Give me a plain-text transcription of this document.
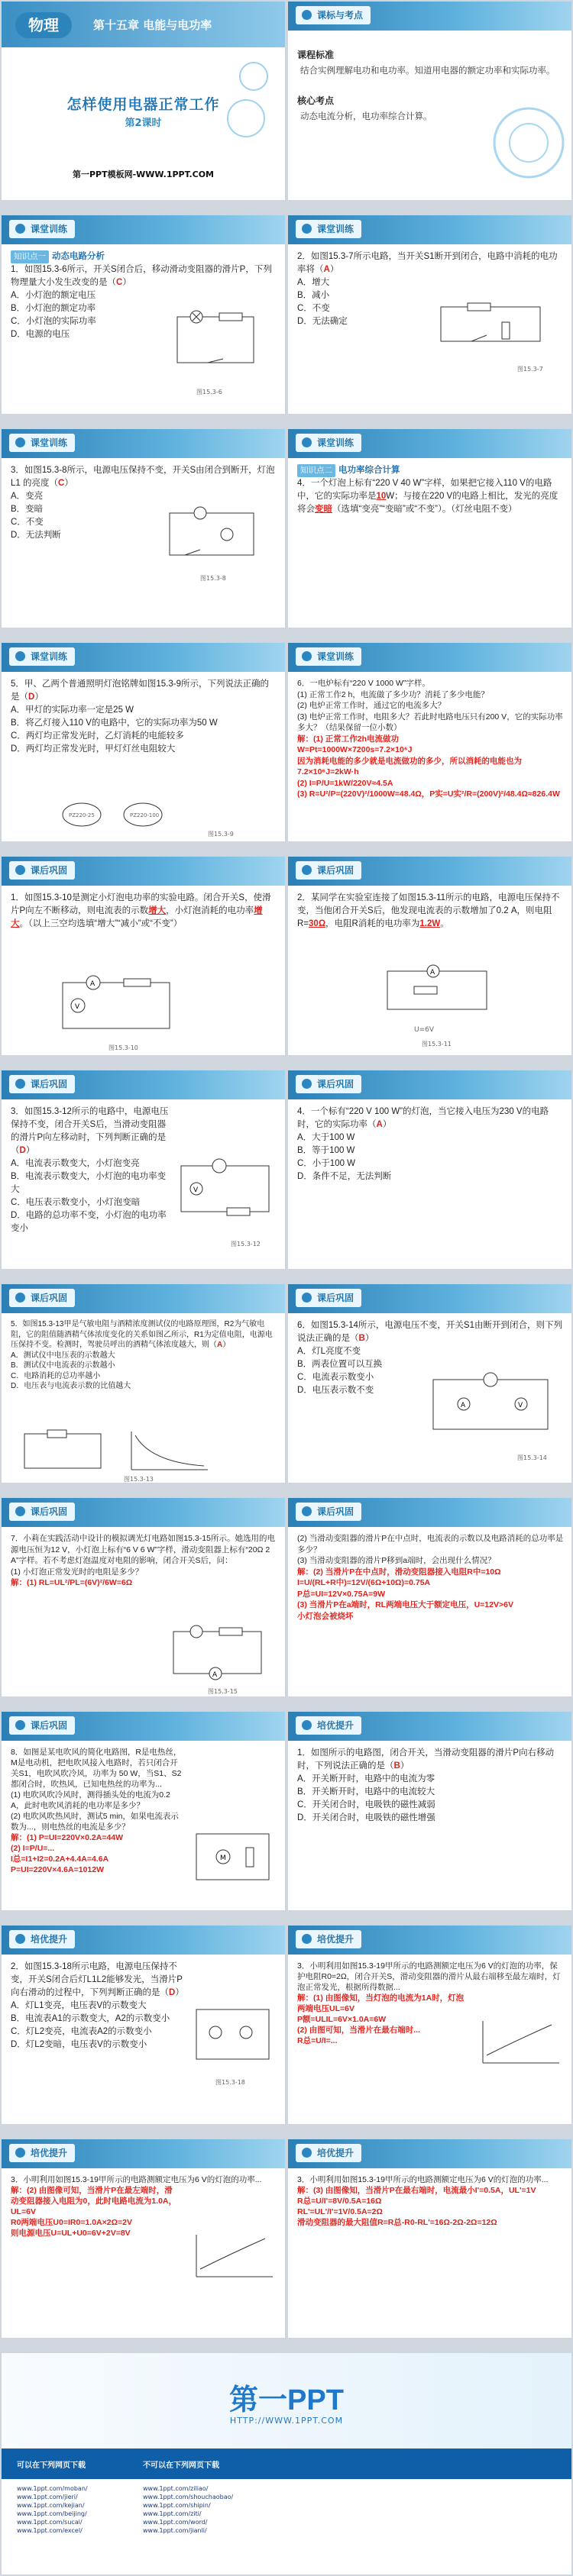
物理	第十五章 电能与电功率
怎样使用电器正常工作
第2课时
第一PPT模板网-WWW.1PPT.COM
课标与考点
课程标准
结合实例理解电功和电功率。知道用电器的额定功率和实际功率。
核心考点
动态电流分析，电功率综合计算。
课堂训练
知识点一 动态电路分析
1．如图15.3-6所示，开关S闭合后，移动滑动变阻器的滑片P，下列物理量大小发生改变的是（C）
A．小灯泡的额定电压
B．小灯泡的额定功率
C．小灯泡的实际功率
D．电源的电压
图15.3-6
课堂训练
2．如图15.3-7所示电路，当开关S1断开到闭合，电路中消耗的电功率将（A）
A．增大
B．减小
C．不变
D．无法确定
图15.3-7
课堂训练
3．如图15.3-8所示，电源电压保持不变，开关S由闭合到断开，灯泡 L1 的亮度（C）
A．变亮
B．变暗
C．不变
D．无法判断
图15.3-8
课堂训练
知识点二 电功率综合计算
4．一个灯泡上标有“220 V 40 W”字样，如果把它接入110 V的电路中，它的实际功率是10W；与接在220 V的电路上相比，发光的亮度将会变暗（选填“变亮”“变暗”或“不变”）。（灯丝电阻不变）
课堂训练
5．甲、乙两个普通照明灯泡铭牌如图15.3-9所示，下列说法正确的是（D）
A．甲灯的实际功率一定是25 W
B．将乙灯接入110 V的电路中，它的实际功率为50 W
C．两灯均正常发光时，乙灯消耗的电能较多
D．两灯均正常发光时，甲灯灯丝电阻较大
PZ220-25	PZ220-100
图15.3-9
课堂训练
6．一电炉标有“220 V 1000 W”字样。
(1) 正常工作2 h，电流做了多少功？消耗了多少电能？
(2) 电炉正常工作时，通过它的电流多大？
(3) 电炉正常工作时，电阻多大？若此时电路电压只有200 V，它的实际功率多大？（结果保留一位小数）
解：(1) 正常工作2h电流做功
W=Pt=1000W×7200s=7.2×10⁶J
因为消耗电能的多少就是电流做功的多少，所以消耗的电能也为7.2×10⁶J=2kW·h
(2) I=P/U=1kW/220V≈4.5A
(3) R=U²/P=(220V)²/1000W=48.4Ω，P实=U实²/R=(200V)²/48.4Ω≈826.4W
课后巩固
1．如图15.3-10是测定小灯泡电功率的实验电路。闭合开关S，使滑片P向左不断移动，则电流表的示数增大，小灯泡消耗的电功率增大。（以上三空均选填“增大”“减小”或“不变”）
A
V
图15.3-10
课后巩固
2．某同学在实验室连接了如图15.3-11所示的电路，电源电压保持不变，当他闭合开关S后，他发现电流表的示数增加了0.2 A，则电阻R=30Ω，电阻R消耗的电功率为1.2W。
A
U=6V
图15.3-11
课后巩固
3．如图15.3-12所示的电路中，电源电压保持不变，闭合开关S后，当滑动变阻器的滑片P向左移动时，下列判断正确的是（D）
A．电流表示数变大，小灯泡变亮
B．电流表示数变大，小灯泡的电功率变大
C．电压表示数变小，小灯泡变暗
D．电路的总功率不变，小灯泡的电功率变小
V
图15.3-12
课后巩固
4．一个标有“220 V 100 W”的灯泡，当它接入电压为230 V的电路时，它的实际功率（A）
A．大于100 W
B．等于100 W
C．小于100 W
D．条件不足，无法判断
课后巩固
5．如图15.3-13甲是气敏电阻与酒精浓度测试仪的电路原理图，R2为气敏电阻，它的阻值随酒精气体浓度变化的关系如图乙所示，R1为定值电阻，电源电压保持不变。检测时，驾驶员呼出的酒精气体浓度越大，则（A）
A．测试仪中电压表的示数越大
B．测试仪中电流表的示数越小
C．电路消耗的总功率越小
D．电压表与电流表示数的比值越大
图15.3-13
课后巩固
6．如图15.3-14所示，电源电压不变，开关S1由断开到闭合，则下列说法正确的是（B）
A．灯L亮度不变
B．两表位置可以互换
C．电流表示数变小
D．电压表示数不变
A	V
图15.3-14
课后巩固
7．小莉在实践活动中设计的模拟调光灯电路如图15.3-15所示。她选用的电源电压恒为12 V，小灯泡上标有“6 V 6 W”字样，滑动变阻器上标有“20Ω 2 A”字样。若不考虑灯泡温度对电阻的影响，闭合开关S后，问：
(1) 小灯泡正常发光时的电阻是多少？
解：(1) RL=UL²/PL=(6V)²/6W=6Ω
A
图15.3-15
课后巩固
(2) 当滑动变阻器的滑片P在中点时，电流表的示数以及电路消耗的总功率是多少？
(3) 当滑动变阻器的滑片P移到a端时，会出现什么情况？
解：(2) 当滑片P在中点时，滑动变阻器接入电阻R中=10Ω
I=U/(RL+R中)=12V/(6Ω+10Ω)=0.75A
P总=UI=12V×0.75A=9W
(3) 当滑片P在a端时，RL两端电压大于额定电压，U=12V>6V
小灯泡会被烧坏
课后巩固
8．如图是某电吹风的简化电路图，R是电热丝，M是电动机，把电吹风接入电路时，若只闭合开关S1，电吹风吹冷风，功率为 50 W，当S1、S2都闭合时，吹热风，已知电热丝的功率为...
(1) 电吹风吹冷风时，测得插头处的电流为0.2 A，此时电吹风消耗的电功率是多少？
(2) 电吹风吹热风时，测试5 min，如果电流表示数为...，则电热丝的电流是多少？
解：(1) P=UI=220V×0.2A=44W
(2) I=P/U=...
I总=I1+I2=0.2A+4.4A=4.6A
P=UI=220V×4.6A=1012W
M
培优提升
1．如图所示的电路图，闭合开关，当滑动变阻器的滑片P向右移动时，下列说法正确的是（B）
A．开关断开时，电路中的电流为零
B．开关断开时，电路中的电流较大
C．开关闭合时，电吸铁的磁性减弱
D．开关闭合时，电吸铁的磁性增强
培优提升
2．如图15.3-18所示电路，电源电压保持不变，开关S闭合后灯L1L2能够发光，当滑片P向右滑动的过程中，下列判断正确的是（D）
A．灯L1变亮，电压表V的示数变大
B．电流表A1的示数变大，A2的示数变小
C．灯L2变亮，电流表A2的示数变小
D．灯L2变暗，电压表V的示数变小
图15.3-18
培优提升
3．小明利用如图15.3-19甲所示的电路测额定电压为6 V的灯泡的功率，保护电阻R0=2Ω，闭合开关S，滑动变阻器的滑片从最右端移至最左端时，灯泡正常发光，根据所得数据...
解：(1) 由图像知，当灯泡的电流为1A时，灯泡两端电压UL=6V
P额=ULIL=6V×1.0A=6W
(2) 由图可知，当滑片在最右端时...
R总=U/I=...
培优提升
3．小明利用如图15.3-19甲所示的电路测额定电压为6 V的灯泡的功率...
解：(2) 由图像可知，当滑片P在最左端时，滑动变阻器接入电阻为0，此时电路电流为1.0A，UL=6V
R0两端电压U0=IR0=1.0A×2Ω=2V
则电源电压U=UL+U0=6V+2V=8V
培优提升
3．小明利用如图15.3-19甲所示的电路测额定电压为6 V的灯泡的功率...
解：(3) 由图像知，当滑片P在最右端时，电流最小I'=0.5A，UL'=1V
R总=U/I'=8V/0.5A=16Ω
RL'=UL'/I'=1V/0.5A=2Ω
滑动变阻器的最大阻值R=R总-R0-RL'=16Ω-2Ω-2Ω=12Ω
第一PPT
HTTP://WWW.1PPT.COM
可以在下列网页下载	不可以在下列网页下载
www.1ppt.com/moban/
www.1ppt.com/jieri/
www.1ppt.com/kejian/
www.1ppt.com/beijing/
www.1ppt.com/sucai/
www.1ppt.com/excel/
www.1ppt.com/ziliao/
www.1ppt.com/shouchaobao/
www.1ppt.com/shipin/
www.1ppt.com/ziti/
www.1ppt.com/word/
www.1ppt.com/jianli/
